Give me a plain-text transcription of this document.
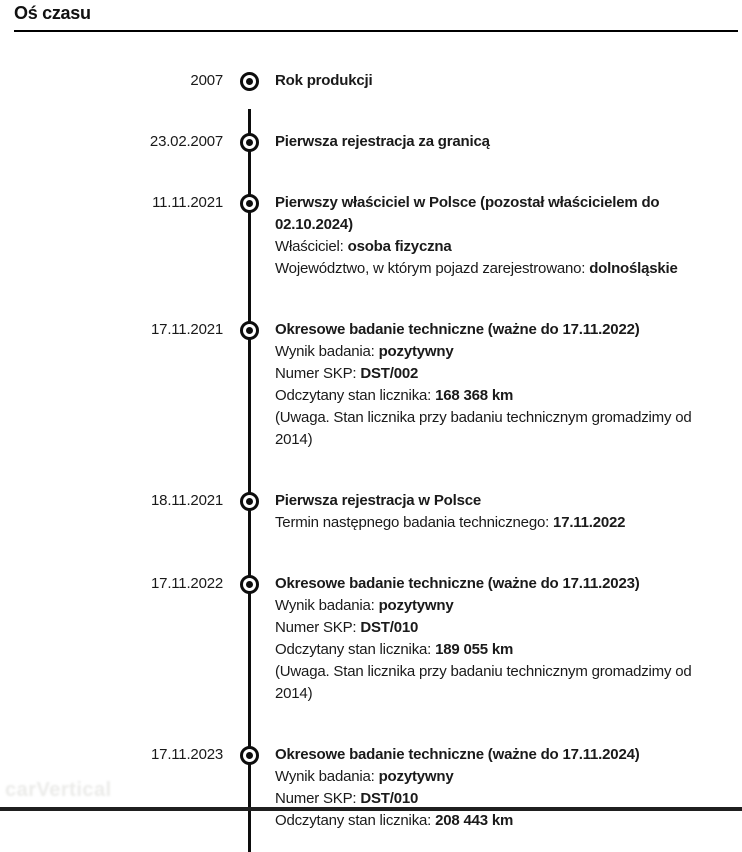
Oś czasu
2007	Rok produkcji

23.02.2007	Pierwsza rejestracja za granicą

11.11.2021	Pierwszy właściciel w Polsce (pozostał właścicielem do 02.10.2024)

Właściciel: osoba fizyczna

Województwo, w którym pojazd zarejestrowano: dolnośląskie

17.11.2021	Okresowe badanie techniczne (ważne do 17.11.2022)

Wynik badania: pozytywny

Numer SKP: DST/002

Odczytany stan licznika: 168 368 km

(Uwaga. Stan licznika przy badaniu technicznym gromadzimy od 2014)

18.11.2021	Pierwsza rejestracja w Polsce

Termin następnego badania technicznego: 17.11.2022

17.11.2022	Okresowe badanie techniczne (ważne do 17.11.2023)

Wynik badania: pozytywny

Numer SKP: DST/010

Odczytany stan licznika: 189 055 km

(Uwaga. Stan licznika przy badaniu technicznym gromadzimy od 2014)

17.11.2023	Okresowe badanie techniczne (ważne do 17.11.2024)

Wynik badania: pozytywny

Numer SKP: DST/010

Odczytany stan licznika: 208 443 km

carVertical
